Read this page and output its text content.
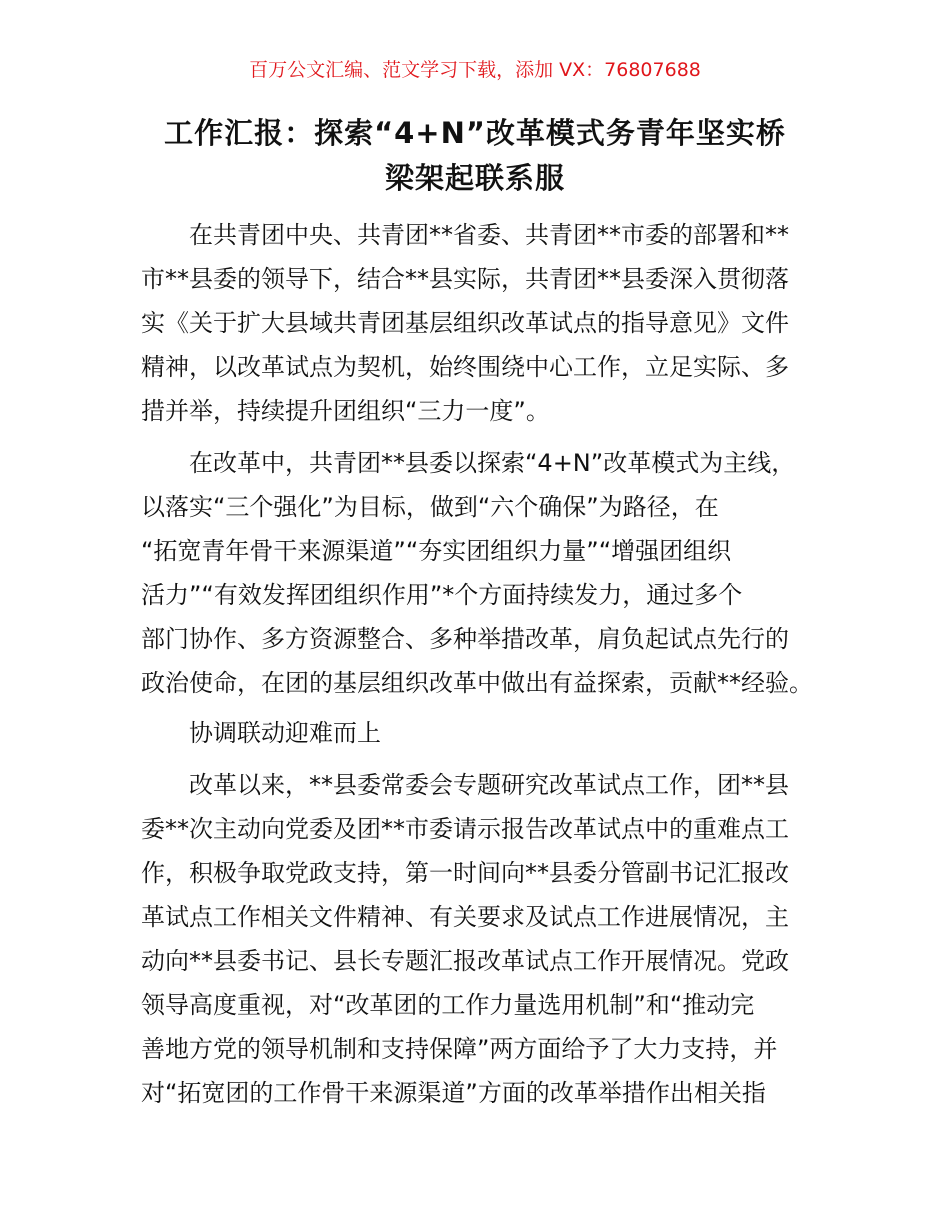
百万公文汇编、范文学习下载，添加 VX：76807688
工作汇报：探索“4+N”改革模式务青年坚实桥
梁架起联系服
在共青团中央、共青团**省委、共青团**市委的部署和**
市**县委的领导下，结合**县实际，共青团**县委深入贯彻落
实《关于扩大县域共青团基层组织改革试点的指导意见》文件
精神，以改革试点为契机，始终围绕中心工作，立足实际、多
措并举，持续提升团组织“三力一度”。
在改革中，共青团**县委以探索“4+N”改革模式为主线，
以落实“三个强化”为目标，做到“六个确保”为路径，在
“拓宽青年骨干来源渠道”“夯实团组织力量”“增强团组织
活力”“有效发挥团组织作用”*个方面持续发力，通过多个
部门协作、多方资源整合、多种举措改革，肩负起试点先行的
政治使命，在团的基层组织改革中做出有益探索，贡献**经验。
协调联动迎难而上
改革以来，**县委常委会专题研究改革试点工作，团**县
委**次主动向党委及团**市委请示报告改革试点中的重难点工
作，积极争取党政支持，第一时间向**县委分管副书记汇报改
革试点工作相关文件精神、有关要求及试点工作进展情况，主
动向**县委书记、县长专题汇报改革试点工作开展情况。党政
领导高度重视，对“改革团的工作力量选用机制”和“推动完
善地方党的领导机制和支持保障”两方面给予了大力支持，并
对“拓宽团的工作骨干来源渠道”方面的改革举措作出相关指
